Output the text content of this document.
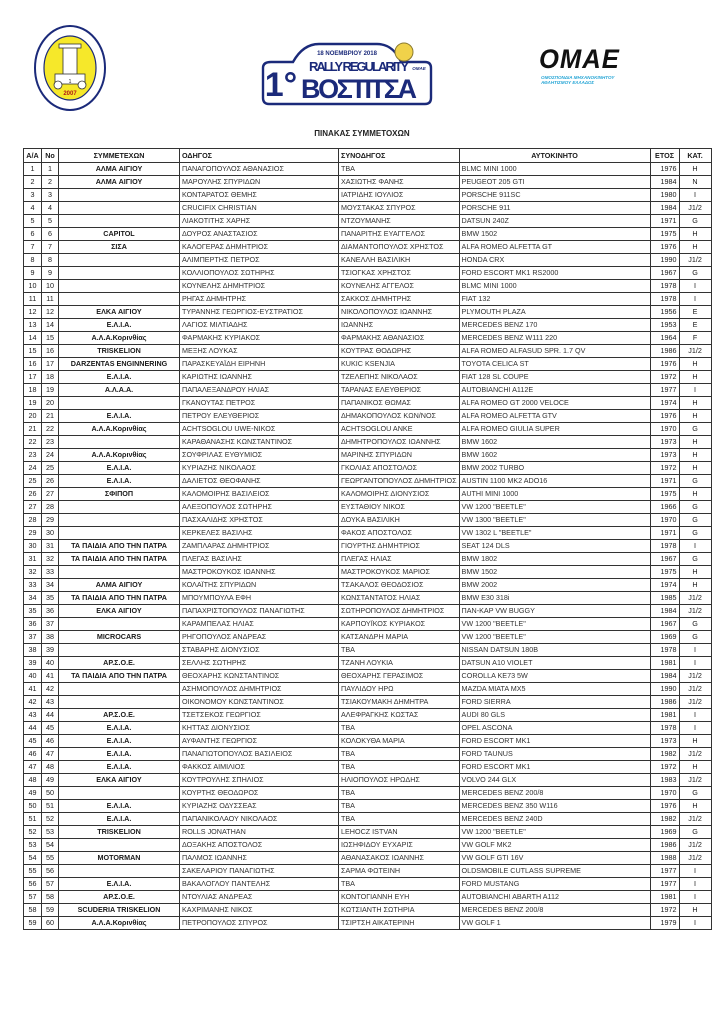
1
2007
18 ΝΟΕΜΒΡΙΟΥ 2018
1° RALLY REGULARITY
ΒΟΣΤΙΤΣΑ
OMAE	OMAE
ΟΜΟΣΠΟΝΔΙΑ ΜΗΧΑΝΟΚΙΝΗΤΟΥ ΑΘΛΗΤΙΣΜΟΥ ΕΛΛΑΔΟΣ
ΠΙΝΑΚΑΣ ΣΥΜΜΕΤΟΧΩΝ
Α/Α	No	ΣΥΜΜΕΤΕΧΩΝ	ΟΔΗΓΟΣ	ΣΥΝΟΔΗΓΟΣ	ΑΥΤΟΚΙΝΗΤΟ	ΕΤΟΣ	ΚΑΤ.
1	1	ΑΛΜΑ ΑΙΓΙΟΥ	ΠΑΝΑΓΟΠΟΥΛΟΣ ΑΘΑΝΑΣΙΟΣ	ΤΒΑ	BLMC MINI 1000	1976	H
2	2	ΑΛΜΑ ΑΙΓΙΟΥ	ΜΑΡΟΥΛΗΣ ΣΠΥΡΙΔΩΝ	ΧΑΣΙΩΤΗΣ ΦΑΝΗΣ	PEUGEOT 205 GTI	1984	N
3	3		ΚΟΝΤΑΡΑΤΟΣ ΘΕΜΗΣ	ΙΑΤΡΙΔΗΣ ΙΟΥΛΙΟΣ	PORSCHE 911SC	1980	I
4	4		CRUCIFIX CHRISTIAN	ΜΟΥΣΤΑΚΑΣ ΣΠΥΡΟΣ	PORSCHE 911	1984	J1/2
5	5		ΛΙΑΚΟΤΙΤΗΣ ΧΑΡΗΣ	ΝΤΖΟΥΜΑΝΗΣ	DATSUN 240Z	1971	G
6	6	CAPITOL	ΔΟΥΡΟΣ ΑΝΑΣΤΑΣΙΟΣ	ΠΑΝΑΡΙΤΗΣ ΕΥΑΓΓΕΛΟΣ	BMW 1502	1975	H
7	7	ΣΙΣΑ	ΚΑΛΟΓΕΡΑΣ ΔΗΜΗΤΡΙΟΣ	ΔΙΑΜΑΝΤΟΠΟΥΛΟΣ ΧΡΗΣΤΟΣ	ALFA ROMEO ALFETTA GT	1976	H
8	8		ΑΛΙΜΠΕΡΤΗΣ ΠΕΤΡΟΣ	ΚΑΝΕΛΛΗ ΒΑΣΙΛΙΚΗ	HONDA CRX	1990	J1/2
9	9		ΚΟΛΛΙΟΠΟΥΛΟΣ ΣΩΤΗΡΗΣ	ΤΣΙΟΓΚΑΣ ΧΡΗΣΤΟΣ	FORD ESCORT MK1 RS2000	1967	G
10	10		ΚΟΥΝΕΛΗΣ ΔΗΜΗΤΡΙΟΣ	ΚΟΥΝΕΛΗΣ ΑΓΓΕΛΟΣ	BLMC MINI 1000	1978	I
11	11		ΡΗΓΑΣ ΔΗΜΗΤΡΗΣ	ΣΑΚΚΟΣ ΔΗΜΗΤΡΗΣ	FIAT 132	1978	I
12	12	ΕΛΚΑ ΑΙΓΙΟΥ	ΤΥΡΑΝΝΗΣ ΓΕΩΡΓΙΟΣ-ΕΥΣΤΡΑΤΙΟΣ	ΝΙΚΟΛΟΠΟΥΛΟΣ ΙΩΑΝΝΗΣ	PLYMOUTH PLAZA	1956	E
13	14	Ε.Λ.Ι.Α.	ΛΑΓΙΟΣ ΜΙΛΤΙΑΔΗΣ	ΙΩΑΝΝΗΣ	MERCEDES BENZ 170	1953	E
14	15	Α.Λ.Α.Κορινθίας	ΦΑΡΜΑΚΗΣ ΚΥΡΙΑΚΟΣ	ΦΑΡΜΑΚΗΣ ΑΘΑΝΑΣΙΟΣ	MERCEDES BENZ W111 220	1964	F
15	16	TRISKELION	ΜΕΞΗΣ ΛΟΥΚΑΣ	ΚΟΥΤΡΑΣ ΘΟΔΩΡΗΣ	ALFA ROMEO ALFASUD SPR. 1.7 QV	1986	J1/2
16	17	DARZENTAS ENGINNERING	ΠΑΡΑΣΚΕΥΑΪΔΗ ΕΙΡΗΝΗ	KUKIC KSENJIA	TOYOTA CELICA ST	1976	H
17	18	Ε.Λ.Ι.Α.	ΚΑΡΙΩΤΗΣ ΙΩΑΝΝΗΣ	ΤΖΕΛΕΠΗΣ ΝΙΚΟΛΑΟΣ	FIAT 128 SL COUPE	1972	H
18	19	Α.Λ.Α.Α.	ΠΑΠΑΛΕΞΑΝΔΡΟΥ ΗΛΙΑΣ	ΤΑΡΑΝΑΣ ΕΛΕΥΘΕΡΙΟΣ	AUTOBIANCHI A112E	1977	I
19	20		ΓΚΑΝΟΥΤΑΣ ΠΕΤΡΟΣ	ΠΑΠΑΝΙΚΟΣ ΘΩΜΑΣ	ALFA ROMEO GT 2000 VELOCE	1974	H
20	21	Ε.Λ.Ι.Α.	ΠΕΤΡΟΥ ΕΛΕΥΘΕΡΙΟΣ	ΔΗΜΑΚΟΠΟΥΛΟΣ ΚΩΝ/ΝΟΣ	ALFA ROMEO ALFETTA GTV	1976	H
21	22	Α.Λ.Α.Κορινθίας	ACHTSOGLOU UWE-ΝΙΚΟΣ	ACHTSOGLOU ANKE	ALFA ROMEO GIULIA SUPER	1970	G
22	23		ΚΑΡΑΘΑΝΑΣΗΣ ΚΩΝΣΤΑΝΤΙΝΟΣ	ΔΗΜΗΤΡΟΠΟΥΛΟΣ ΙΩΑΝΝΗΣ	BMW 1602	1973	H
23	24	Α.Λ.Α.Κορινθίας	ΣΟΥΦΡΙΛΑΣ ΕΥΘΥΜΙΟΣ	ΜΑΡΙΝΗΣ ΣΠΥΡΙΔΩΝ	BMW 1602	1973	H
24	25	Ε.Λ.Ι.Α.	ΚΥΡΙΑΖΗΣ ΝΙΚΟΛΑΟΣ	ΓΚΟΛΙΑΣ ΑΠΟΣΤΟΛΟΣ	BMW 2002 TURBO	1972	H
25	26	Ε.Λ.Ι.Α.	ΔΑΛΙΕΤΟΣ ΘΕΟΦΑΝΗΣ	ΓΕΩΡΓΑΝΤΟΠΟΥΛΟΣ ΔΗΜΗΤΡΙΟΣ	AUSTIN 1100 MK2 ADO16	1971	G
26	27	ΣΦΙΠΟΠ	ΚΑΛΟΜΟΙΡΗΣ ΒΑΣΙΛΕΙΟΣ	ΚΑΛΟΜΟΙΡΗΣ ΔΙΟΝΥΣΙΟΣ	AUTHI MINI 1000	1975	H
27	28		ΑΛΕΞΟΠΟΥΛΟΣ ΣΩΤΗΡΗΣ	ΕΥΣΤΑΘΙΟΥ ΝΙΚΟΣ	VW 1200 "BEETLE"	1966	G
28	29		ΠΑΣΧΑΛΙΔΗΣ ΧΡΗΣΤΟΣ	ΔΟΥΚΑ ΒΑΣΙΛΙΚΗ	VW 1300 "BEETLE"	1970	G
29	30		ΚΕΡΚΕΛΕΣ ΒΑΣΙΛΗΣ	ΦΑΚΟΣ ΑΠΟΣΤΟΛΟΣ	VW 1302 L "BEETLE"	1971	G
30	31	ΤΑ ΠΑΙΔΙΑ ΑΠΟ ΤΗΝ ΠΑΤΡΑ	ΖΑΜΠΛΑΡΑΣ ΔΗΜΗΤΡΙΟΣ	ΓΙΟΥΡΤΗΣ ΔΗΜΗΤΡΙΟΣ	SEAT 124 DLS	1978	I
31	32	ΤΑ ΠΑΙΔΙΑ ΑΠΟ ΤΗΝ ΠΑΤΡΑ	ΠΛΕΓΑΣ ΒΑΣΙΛΗΣ	ΠΛΕΓΑΣ ΗΛΙΑΣ	BMW 1802	1967	G
32	33		ΜΑΣΤΡΟΚΟΥΚΟΣ ΙΩΑΝΝΗΣ	ΜΑΣΤΡΟΚΟΥΚΟΣ ΜΑΡΙΟΣ	BMW 1502	1975	H
33	34	ΑΛΜΑ ΑΙΓΙΟΥ	ΚΟΛΑΪΤΗΣ ΣΠΥΡΙΔΩΝ	ΤΣΑΚΑΛΟΣ ΘΕΟΔΟΣΙΟΣ	BMW 2002	1974	H
34	35	ΤΑ ΠΑΙΔΙΑ ΑΠΟ ΤΗΝ ΠΑΤΡΑ	ΜΠΟΥΜΠΟΥΛΑ ΕΦΗ	ΚΩΝΣΤΑΝΤΑΤΟΣ ΗΛΙΑΣ	BMW E30 318i	1985	J1/2
35	36	ΕΛΚΑ ΑΙΓΙΟΥ	ΠΑΠΑΧΡΙΣΤΟΠΟΥΛΟΣ ΠΑΝΑΓΙΩΤΗΣ	ΣΩΤΗΡΟΠΟΥΛΟΣ ΔΗΜΗΤΡΙΟΣ	ΠΑΝ-ΚΑΡ VW BUGGY	1984	J1/2
36	37		ΚΑΡΑΜΠΕΛΑΣ ΗΛΙΑΣ	ΚΑΡΠΟΥΪΚΟΣ ΚΥΡΙΑΚΟΣ	VW 1200 "BEETLE"	1967	G
37	38	MICROCARS	ΡΗΓΟΠΟΥΛΟΣ ΑΝΔΡΕΑΣ	ΚΑΤΣΑΝΔΡΗ ΜΑΡΙΑ	VW 1200 "BEETLE"	1969	G
38	39		ΣΤΑΒΑΡΗΣ ΔΙΟΝΥΣΙΟΣ	ΤΒΑ	NISSAN DATSUN 180B	1978	I
39	40	ΑΡ.Σ.Ο.Ε.	ΣΕΛΛΗΣ ΣΩΤΗΡΗΣ	ΤΖΑΝΗ ΛΟΥΚΙΑ	DATSUN A10 VIOLET	1981	I
40	41	ΤΑ ΠΑΙΔΙΑ ΑΠΟ ΤΗΝ ΠΑΤΡΑ	ΘΕΟΧΑΡΗΣ ΚΩΝΣΤΑΝΤΙΝΟΣ	ΘΕΟΧΑΡΗΣ ΓΕΡΑΣΙΜΟΣ	COROLLA KE73 5W	1984	J1/2
41	42		ΑΣΗΜΟΠΟΥΛΟΣ ΔΗΜΗΤΡΙΟΣ	ΠΑΥΛΙΔΟΥ ΗΡΩ	MAZDA MIATA MX5	1990	J1/2
42	43		ΟΙΚΟΝΟΜΟΥ ΚΩΝΣΤΑΝΤΙΝΟΣ	ΤΣΙΑΚΟΥΜΑΚΗ ΔΗΜΗΤΡΑ	FORD SIERRA	1986	J1/2
43	44	ΑΡ.Σ.Ο.Ε.	ΤΣΕΤΣΕΚΟΣ ΓΕΩΡΓΙΟΣ	ΑΛΕΦΡΑΓΚΗΣ ΚΩΣΤΑΣ	AUDI 80 GLS	1981	I
44	45	Ε.Λ.Ι.Α.	ΚΗΤΤΑΣ ΔΙΟΝΥΣΙΟΣ	ΤΒΑ	OPEL ASCONA	1978	I
45	46	Ε.Λ.Ι.Α.	ΑΥΦΑΝΤΗΣ ΓΕΩΡΓΙΟΣ	ΚΟΛΟΚΥΘΑ ΜΑΡΙΑ	FORD ESCORT MK1	1973	H
46	47	Ε.Λ.Ι.Α.	ΠΑΝΑΓΙΩΤΟΠΟΥΛΟΣ ΒΑΣΙΛΕΙΟΣ	ΤΒΑ	FORD TAUNUS	1982	J1/2
47	48	Ε.Λ.Ι.Α.	ΦΑΚΚΟΣ ΑΙΜΙΛΙΟΣ	ΤΒΑ	FORD ESCORT MK1	1972	H
48	49	ΕΛΚΑ ΑΙΓΙΟΥ	ΚΟΥΤΡΟΥΛΗΣ ΣΠΗΛΙΟΣ	ΗΛΙΟΠΟΥΛΟΣ ΗΡΩΔΗΣ	VOLVO 244 GLX	1983	J1/2
49	50		ΚΟΥΡΤΗΣ ΘΕΟΔΩΡΟΣ	ΤΒΑ	MERCEDES BENZ 200/8	1970	G
50	51	Ε.Λ.Ι.Α.	ΚΥΡΙΑΖΗΣ ΟΔΥΣΣΕΑΣ	ΤΒΑ	MERCEDES BENZ 350 W116	1976	H
51	52	Ε.Λ.Ι.Α.	ΠΑΠΑΝΙΚΟΛΑΟΥ ΝΙΚΟΛΑΟΣ	ΤΒΑ	MERCEDES BENZ 240D	1982	J1/2
52	53	TRISKELION	ROLLS JONATHAN	LEHOCZ ISTVAN	VW 1200 "BEETLE"	1969	G
53	54		ΔΟΞΑΚΗΣ ΑΠΟΣΤΟΛΟΣ	ΙΩΣΗΦΙΔΟΥ ΕΥΧΑΡΙΣ	VW GOLF MK2	1986	J1/2
54	55	MOTORMAN	ΠΑΛΜΟΣ ΙΩΑΝΝΗΣ	ΑΘΑΝΑΣΑΚΟΣ ΙΩΑΝΝΗΣ	VW GOLF GTI 16V	1988	J1/2
55	56		ΣΑΚΕΛΑΡΙΟΥ ΠΑΝΑΓΙΩΤΗΣ	ΣΑΡΜΑ ΦΩΤΕΙΝΗ	OLDSMOBILE CUTLASS SUPREME	1977	I
56	57	Ε.Λ.Ι.Α.	ΒΑΚΑΛΟΓΛΟΥ ΠΑΝΤΕΛΗΣ	ΤΒΑ	FORD MUSTANG	1977	I
57	58	ΑΡ.Σ.Ο.Ε.	ΝΤΟΥΛΙΑΣ ΑΝΔΡΕΑΣ	ΚΟΝΤΟΓΙΑΝΝΗ ΕΥΗ	AUTOBIANCHI ABARTH A112	1981	I
58	59	SCUDERIA TRISKELION	ΚΑΧΡΙΜΑΝΗΣ ΝΙΚΟΣ	ΚΩΤΣΙΑΝΤΗ ΣΩΤΗΡΙΑ	MERCEDES BENZ 200/8	1972	H
59	60	Α.Λ.Α.Κορινθίας	ΠΕΤΡΟΠΟΥΛΟΣ ΣΠΥΡΟΣ	ΤΣΙΡΤΣΗ ΑΙΚΑΤΕΡΙΝΗ	VW GOLF 1	1979	I
